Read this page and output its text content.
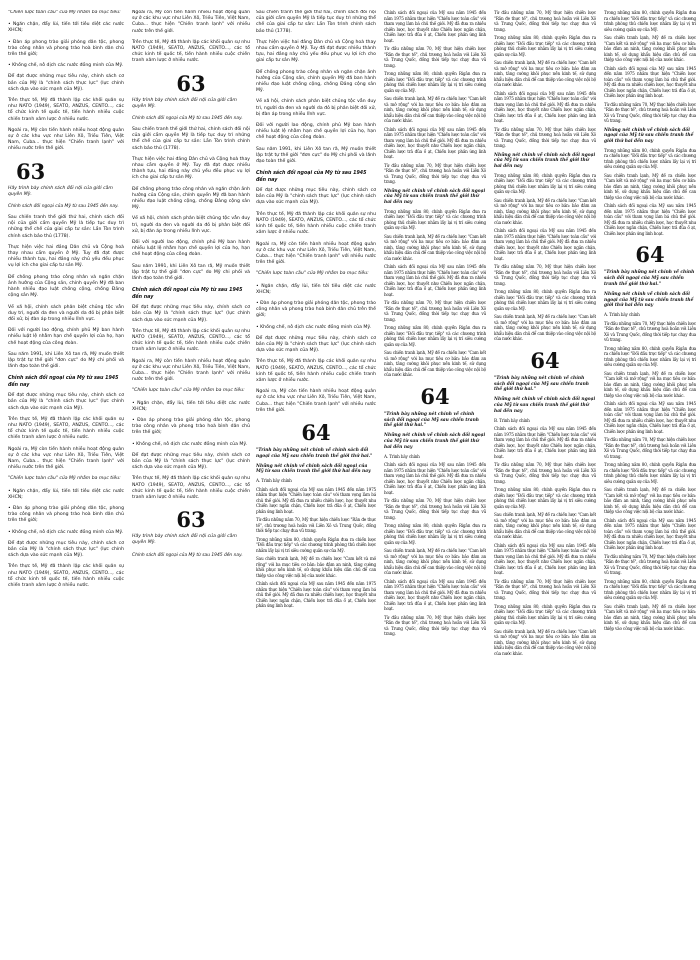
"Chiến lược toàn cầu" của Mỹ nhằm ba mục tiêu:

• Ngăn chặn, đẩy lùi, tiến tới tiêu diệt các nước XHCN;

• Đàn áp phong trào giải phóng dân tộc, phong trào công nhân và phong trào hoà bình dân chủ trên thế giới;

• Khống chế, nô dịch các nước đồng minh của Mỹ.

Để đạt được những mục tiêu này, chính sách cơ bản của Mỹ là "chính sách thực lực" (lực chính sách dựa vào sức mạnh của Mỹ).

Trên thực tế, Mỹ đã thành lập các khối quân sự như NATO (1949), SEATO, ANZUS, CENTO..., các tổ chức kinh tế quốc tế, tiến hành nhiều cuộc chiến tranh xâm lược ở nhiều nước.

Ngoài ra, Mỹ còn tiến hành nhiều hoạt động quân sự ở các khu vực như Liên Xô, Triều Tiên, Việt Nam, Cuba... thực hiện "Chiến tranh lạnh" với nhiều nước trên thế giới.

63

Hãy trình bày chính sách đối nội của giới cầm quyền Mỹ.

Chính sách đối ngoại của Mỹ từ sau 1945 đến nay.

Sau chiến tranh thế giới thứ hai, chính sách đối nội của giới cầm quyền Mỹ là tiếp tục duy trì những thể chế của giai cấp tư sản: Lần Tòn trình chính sách bảo thủ (1778).

Thực hiện việc hai đảng Dân chủ và Cộng hoà thay nhau cầm quyền ở Mỹ. Tuy đã đạt được nhiều thành tựu, hai đảng này chủ yếu đều phục vụ lợi ích cho giai cấp tư sản Mỹ.

Để chống phong trào công nhân và ngăn chặn ảnh hưởng của Cộng sản, chính quyền Mỹ đã ban hành nhiều đạo luật chống cộng, chống Đảng cộng sản Mỹ.

Về xã hội, chính sách phân biệt chủng tộc vẫn duy trì, người da đen và người da đỏ bị phân biệt đối xử, bị đàn áp trong nhiều lĩnh vực.

Đối với người lao động, chính phủ Mỹ ban hành nhiều luật lệ nhằm hạn chế quyền lợi của họ, hạn chế hoạt động của công đoàn.

Sau năm 1991, khi Liên Xô tan rã, Mỹ muốn thiết lập trật tự thế giới "đơn cực" do Mỹ chi phối và lãnh đạo toàn thế giới.

Chính sách đối ngoại của Mỹ từ sau 1945 đến nay

Để đạt được những mục tiêu này, chính sách cơ bản của Mỹ là "chính sách thực lực" (lực chính sách dựa vào sức mạnh của Mỹ).

Trên thực tế, Mỹ đã thành lập các khối quân sự như NATO (1949), SEATO, ANZUS, CENTO..., các tổ chức kinh tế quốc tế, tiến hành nhiều cuộc chiến tranh xâm lược ở nhiều nước.

Ngoài ra, Mỹ còn tiến hành nhiều hoạt động quân sự ở các khu vực như Liên Xô, Triều Tiên, Việt Nam, Cuba... thực hiện "Chiến tranh lạnh" với nhiều nước trên thế giới.

"Chiến lược toàn cầu" của Mỹ nhằm ba mục tiêu:

• Ngăn chặn, đẩy lùi, tiến tới tiêu diệt các nước XHCN;

• Đàn áp phong trào giải phóng dân tộc, phong trào công nhân và phong trào hoà bình dân chủ trên thế giới;

• Khống chế, nô dịch các nước đồng minh của Mỹ.

Để đạt được những mục tiêu này, chính sách cơ bản của Mỹ là "chính sách thực lực" (lực chính sách dựa vào sức mạnh của Mỹ).

Trên thực tế, Mỹ đã thành lập các khối quân sự như NATO (1949), SEATO, ANZUS, CENTO..., các tổ chức kinh tế quốc tế, tiến hành nhiều cuộc chiến tranh xâm lược ở nhiều nước.

Ngoài ra, Mỹ còn tiến hành nhiều hoạt động quân sự ở các khu vực như Liên Xô, Triều Tiên, Việt Nam, Cuba... thực hiện "Chiến tranh lạnh" với nhiều nước trên thế giới.

Trên thực tế, Mỹ đã thành lập các khối quân sự như NATO (1949), SEATO, ANZUS, CENTO..., các tổ chức kinh tế quốc tế, tiến hành nhiều cuộc chiến tranh xâm lược ở nhiều nước.

63

Hãy trình bày chính sách đối nội của giới cầm quyền Mỹ.

Chính sách đối ngoại của Mỹ từ sau 1945 đến nay.

Sau chiến tranh thế giới thứ hai, chính sách đối nội của giới cầm quyền Mỹ là tiếp tục duy trì những thể chế của giai cấp tư sản: Lần Tòn trình chính sách bảo thủ (1778).

Thực hiện việc hai đảng Dân chủ và Cộng hoà thay nhau cầm quyền ở Mỹ. Tuy đã đạt được nhiều thành tựu, hai đảng này chủ yếu đều phục vụ lợi ích cho giai cấp tư sản Mỹ.

Để chống phong trào công nhân và ngăn chặn ảnh hưởng của Cộng sản, chính quyền Mỹ đã ban hành nhiều đạo luật chống cộng, chống Đảng cộng sản Mỹ.

Về xã hội, chính sách phân biệt chủng tộc vẫn duy trì, người da đen và người da đỏ bị phân biệt đối xử, bị đàn áp trong nhiều lĩnh vực.

Đối với người lao động, chính phủ Mỹ ban hành nhiều luật lệ nhằm hạn chế quyền lợi của họ, hạn chế hoạt động của công đoàn.

Sau năm 1991, khi Liên Xô tan rã, Mỹ muốn thiết lập trật tự thế giới "đơn cực" do Mỹ chi phối và lãnh đạo toàn thế giới.

Chính sách đối ngoại của Mỹ từ sau 1945 đến nay

Để đạt được những mục tiêu này, chính sách cơ bản của Mỹ là "chính sách thực lực" (lực chính sách dựa vào sức mạnh của Mỹ).

Trên thực tế, Mỹ đã thành lập các khối quân sự như NATO (1949), SEATO, ANZUS, CENTO..., các tổ chức kinh tế quốc tế, tiến hành nhiều cuộc chiến tranh xâm lược ở nhiều nước.

Ngoài ra, Mỹ còn tiến hành nhiều hoạt động quân sự ở các khu vực như Liên Xô, Triều Tiên, Việt Nam, Cuba... thực hiện "Chiến tranh lạnh" với nhiều nước trên thế giới.

"Chiến lược toàn cầu" của Mỹ nhằm ba mục tiêu:

• Ngăn chặn, đẩy lùi, tiến tới tiêu diệt các nước XHCN;

• Đàn áp phong trào giải phóng dân tộc, phong trào công nhân và phong trào hoà bình dân chủ trên thế giới;

• Khống chế, nô dịch các nước đồng minh của Mỹ.

Để đạt được những mục tiêu này, chính sách cơ bản của Mỹ là "chính sách thực lực" (lực chính sách dựa vào sức mạnh của Mỹ).

Trên thực tế, Mỹ đã thành lập các khối quân sự như NATO (1949), SEATO, ANZUS, CENTO..., các tổ chức kinh tế quốc tế, tiến hành nhiều cuộc chiến tranh xâm lược ở nhiều nước.

63

Hãy trình bày chính sách đối nội của giới cầm quyền Mỹ.

Chính sách đối ngoại của Mỹ từ sau 1945 đến nay.

Sau chiến tranh thế giới thứ hai, chính sách đối nội của giới cầm quyền Mỹ là tiếp tục duy trì những thể chế của giai cấp tư sản: Lần Tòn trình chính sách bảo thủ (1778).

Thực hiện việc hai đảng Dân chủ và Cộng hoà thay nhau cầm quyền ở Mỹ. Tuy đã đạt được nhiều thành tựu, hai đảng này chủ yếu đều phục vụ lợi ích cho giai cấp tư sản Mỹ.

Để chống phong trào công nhân và ngăn chặn ảnh hưởng của Cộng sản, chính quyền Mỹ đã ban hành nhiều đạo luật chống cộng, chống Đảng cộng sản Mỹ.

Về xã hội, chính sách phân biệt chủng tộc vẫn duy trì, người da đen và người da đỏ bị phân biệt đối xử, bị đàn áp trong nhiều lĩnh vực.

Đối với người lao động, chính phủ Mỹ ban hành nhiều luật lệ nhằm hạn chế quyền lợi của họ, hạn chế hoạt động của công đoàn.

Sau năm 1991, khi Liên Xô tan rã, Mỹ muốn thiết lập trật tự thế giới "đơn cực" do Mỹ chi phối và lãnh đạo toàn thế giới.

Chính sách đối ngoại của Mỹ từ sau 1945 đến nay

Để đạt được những mục tiêu này, chính sách cơ bản của Mỹ là "chính sách thực lực" (lực chính sách dựa vào sức mạnh của Mỹ).

Trên thực tế, Mỹ đã thành lập các khối quân sự như NATO (1949), SEATO, ANZUS, CENTO..., các tổ chức kinh tế quốc tế, tiến hành nhiều cuộc chiến tranh xâm lược ở nhiều nước.

Ngoài ra, Mỹ còn tiến hành nhiều hoạt động quân sự ở các khu vực như Liên Xô, Triều Tiên, Việt Nam, Cuba... thực hiện "Chiến tranh lạnh" với nhiều nước trên thế giới.

"Chiến lược toàn cầu" của Mỹ nhằm ba mục tiêu:

• Ngăn chặn, đẩy lùi, tiến tới tiêu diệt các nước XHCN;

• Đàn áp phong trào giải phóng dân tộc, phong trào công nhân và phong trào hoà bình dân chủ trên thế giới;

• Khống chế, nô dịch các nước đồng minh của Mỹ.

Để đạt được những mục tiêu này, chính sách cơ bản của Mỹ là "chính sách thực lực" (lực chính sách dựa vào sức mạnh của Mỹ).

Trên thực tế, Mỹ đã thành lập các khối quân sự như NATO (1949), SEATO, ANZUS, CENTO..., các tổ chức kinh tế quốc tế, tiến hành nhiều cuộc chiến tranh xâm lược ở nhiều nước.

Ngoài ra, Mỹ còn tiến hành nhiều hoạt động quân sự ở các khu vực như Liên Xô, Triều Tiên, Việt Nam, Cuba... thực hiện "Chiến tranh lạnh" với nhiều nước trên thế giới.

64

"Trình bày những nét chính về chính sách đối ngoại của Mỹ sau chiến tranh thế giới thứ hai."

Những nét chính về chính sách đối ngoại của Mỹ từ sau chiến tranh thế giới thứ hai đến nay

A. Trình bày chính

Chính sách đối ngoại của Mỹ sau năm 1945 đến năm 1975 nhằm thực hiện "Chiến lược toàn cầu" với tham vọng làm bá chủ thế giới. Mỹ đã đưa ra nhiều chiến lược, học thuyết như Chiến lược ngăn chặn, Chiến lược trả đũa ồ ạt, Chiến lược phản ứng linh hoạt.

Từ đầu những năm 70, Mỹ thực hiện chiến lược "Răn đe thực tế", chủ trương hoà hoãn với Liên Xô và Trung Quốc, đồng thời tiếp tục chạy đua vũ trang.

Trong những năm 80, chính quyền Rigân đưa ra chiến lược "Đối đầu trực tiếp" và các chương trình phòng thủ chiến lược nhằm lấy lại vị trí siêu cường quân sự của Mỹ.

Sau chiến tranh lạnh, Mỹ đề ra chiến lược "Cam kết và mở rộng" với ba mục tiêu cơ bản: bảo đảm an ninh, tăng cường khôi phục nền kinh tế, sử dụng khẩu hiệu dân chủ để can thiệp vào công việc nội bộ của nước khác.

Chính sách đối ngoại của Mỹ sau năm 1945 đến năm 1975 nhằm thực hiện "Chiến lược toàn cầu" với tham vọng làm bá chủ thế giới. Mỹ đã đưa ra nhiều chiến lược, học thuyết như Chiến lược ngăn chặn, Chiến lược trả đũa ồ ạt, Chiến lược phản ứng linh hoạt.

Chính sách đối ngoại của Mỹ sau năm 1945 đến năm 1975 nhằm thực hiện "Chiến lược toàn cầu" với tham vọng làm bá chủ thế giới. Mỹ đã đưa ra nhiều chiến lược, học thuyết như Chiến lược ngăn chặn, Chiến lược trả đũa ồ ạt, Chiến lược phản ứng linh hoạt.

Từ đầu những năm 70, Mỹ thực hiện chiến lược "Răn đe thực tế", chủ trương hoà hoãn với Liên Xô và Trung Quốc, đồng thời tiếp tục chạy đua vũ trang.

Trong những năm 80, chính quyền Rigân đưa ra chiến lược "Đối đầu trực tiếp" và các chương trình phòng thủ chiến lược nhằm lấy lại vị trí siêu cường quân sự của Mỹ.

Sau chiến tranh lạnh, Mỹ đề ra chiến lược "Cam kết và mở rộng" với ba mục tiêu cơ bản: bảo đảm an ninh, tăng cường khôi phục nền kinh tế, sử dụng khẩu hiệu dân chủ để can thiệp vào công việc nội bộ của nước khác.

Chính sách đối ngoại của Mỹ sau năm 1945 đến năm 1975 nhằm thực hiện "Chiến lược toàn cầu" với tham vọng làm bá chủ thế giới. Mỹ đã đưa ra nhiều chiến lược, học thuyết như Chiến lược ngăn chặn, Chiến lược trả đũa ồ ạt, Chiến lược phản ứng linh hoạt.

Từ đầu những năm 70, Mỹ thực hiện chiến lược "Răn đe thực tế", chủ trương hoà hoãn với Liên Xô và Trung Quốc, đồng thời tiếp tục chạy đua vũ trang.

Những nét chính về chính sách đối ngoại của Mỹ từ sau chiến tranh thế giới thứ hai đến nay

Trong những năm 80, chính quyền Rigân đưa ra chiến lược "Đối đầu trực tiếp" và các chương trình phòng thủ chiến lược nhằm lấy lại vị trí siêu cường quân sự của Mỹ.

Sau chiến tranh lạnh, Mỹ đề ra chiến lược "Cam kết và mở rộng" với ba mục tiêu cơ bản: bảo đảm an ninh, tăng cường khôi phục nền kinh tế, sử dụng khẩu hiệu dân chủ để can thiệp vào công việc nội bộ của nước khác.

Chính sách đối ngoại của Mỹ sau năm 1945 đến năm 1975 nhằm thực hiện "Chiến lược toàn cầu" với tham vọng làm bá chủ thế giới. Mỹ đã đưa ra nhiều chiến lược, học thuyết như Chiến lược ngăn chặn, Chiến lược trả đũa ồ ạt, Chiến lược phản ứng linh hoạt.

Từ đầu những năm 70, Mỹ thực hiện chiến lược "Răn đe thực tế", chủ trương hoà hoãn với Liên Xô và Trung Quốc, đồng thời tiếp tục chạy đua vũ trang.

Trong những năm 80, chính quyền Rigân đưa ra chiến lược "Đối đầu trực tiếp" và các chương trình phòng thủ chiến lược nhằm lấy lại vị trí siêu cường quân sự của Mỹ.

Sau chiến tranh lạnh, Mỹ đề ra chiến lược "Cam kết và mở rộng" với ba mục tiêu cơ bản: bảo đảm an ninh, tăng cường khôi phục nền kinh tế, sử dụng khẩu hiệu dân chủ để can thiệp vào công việc nội bộ của nước khác.

64

"Trình bày những nét chính về chính sách đối ngoại của Mỹ sau chiến tranh thế giới thứ hai."

Những nét chính về chính sách đối ngoại của Mỹ từ sau chiến tranh thế giới thứ hai đến nay

A. Trình bày chính

Chính sách đối ngoại của Mỹ sau năm 1945 đến năm 1975 nhằm thực hiện "Chiến lược toàn cầu" với tham vọng làm bá chủ thế giới. Mỹ đã đưa ra nhiều chiến lược, học thuyết như Chiến lược ngăn chặn, Chiến lược trả đũa ồ ạt, Chiến lược phản ứng linh hoạt.

Từ đầu những năm 70, Mỹ thực hiện chiến lược "Răn đe thực tế", chủ trương hoà hoãn với Liên Xô và Trung Quốc, đồng thời tiếp tục chạy đua vũ trang.

Trong những năm 80, chính quyền Rigân đưa ra chiến lược "Đối đầu trực tiếp" và các chương trình phòng thủ chiến lược nhằm lấy lại vị trí siêu cường quân sự của Mỹ.

Sau chiến tranh lạnh, Mỹ đề ra chiến lược "Cam kết và mở rộng" với ba mục tiêu cơ bản: bảo đảm an ninh, tăng cường khôi phục nền kinh tế, sử dụng khẩu hiệu dân chủ để can thiệp vào công việc nội bộ của nước khác.

Chính sách đối ngoại của Mỹ sau năm 1945 đến năm 1975 nhằm thực hiện "Chiến lược toàn cầu" với tham vọng làm bá chủ thế giới. Mỹ đã đưa ra nhiều chiến lược, học thuyết như Chiến lược ngăn chặn, Chiến lược trả đũa ồ ạt, Chiến lược phản ứng linh hoạt.

Từ đầu những năm 70, Mỹ thực hiện chiến lược "Răn đe thực tế", chủ trương hoà hoãn với Liên Xô và Trung Quốc, đồng thời tiếp tục chạy đua vũ trang.

Từ đầu những năm 70, Mỹ thực hiện chiến lược "Răn đe thực tế", chủ trương hoà hoãn với Liên Xô và Trung Quốc, đồng thời tiếp tục chạy đua vũ trang.

Trong những năm 80, chính quyền Rigân đưa ra chiến lược "Đối đầu trực tiếp" và các chương trình phòng thủ chiến lược nhằm lấy lại vị trí siêu cường quân sự của Mỹ.

Sau chiến tranh lạnh, Mỹ đề ra chiến lược "Cam kết và mở rộng" với ba mục tiêu cơ bản: bảo đảm an ninh, tăng cường khôi phục nền kinh tế, sử dụng khẩu hiệu dân chủ để can thiệp vào công việc nội bộ của nước khác.

Chính sách đối ngoại của Mỹ sau năm 1945 đến năm 1975 nhằm thực hiện "Chiến lược toàn cầu" với tham vọng làm bá chủ thế giới. Mỹ đã đưa ra nhiều chiến lược, học thuyết như Chiến lược ngăn chặn, Chiến lược trả đũa ồ ạt, Chiến lược phản ứng linh hoạt.

Từ đầu những năm 70, Mỹ thực hiện chiến lược "Răn đe thực tế", chủ trương hoà hoãn với Liên Xô và Trung Quốc, đồng thời tiếp tục chạy đua vũ trang.

Những nét chính về chính sách đối ngoại của Mỹ từ sau chiến tranh thế giới thứ hai đến nay

Trong những năm 80, chính quyền Rigân đưa ra chiến lược "Đối đầu trực tiếp" và các chương trình phòng thủ chiến lược nhằm lấy lại vị trí siêu cường quân sự của Mỹ.

Sau chiến tranh lạnh, Mỹ đề ra chiến lược "Cam kết và mở rộng" với ba mục tiêu cơ bản: bảo đảm an ninh, tăng cường khôi phục nền kinh tế, sử dụng khẩu hiệu dân chủ để can thiệp vào công việc nội bộ của nước khác.

Chính sách đối ngoại của Mỹ sau năm 1945 đến năm 1975 nhằm thực hiện "Chiến lược toàn cầu" với tham vọng làm bá chủ thế giới. Mỹ đã đưa ra nhiều chiến lược, học thuyết như Chiến lược ngăn chặn, Chiến lược trả đũa ồ ạt, Chiến lược phản ứng linh hoạt.

Từ đầu những năm 70, Mỹ thực hiện chiến lược "Răn đe thực tế", chủ trương hoà hoãn với Liên Xô và Trung Quốc, đồng thời tiếp tục chạy đua vũ trang.

Trong những năm 80, chính quyền Rigân đưa ra chiến lược "Đối đầu trực tiếp" và các chương trình phòng thủ chiến lược nhằm lấy lại vị trí siêu cường quân sự của Mỹ.

Sau chiến tranh lạnh, Mỹ đề ra chiến lược "Cam kết và mở rộng" với ba mục tiêu cơ bản: bảo đảm an ninh, tăng cường khôi phục nền kinh tế, sử dụng khẩu hiệu dân chủ để can thiệp vào công việc nội bộ của nước khác.

64

"Trình bày những nét chính về chính sách đối ngoại của Mỹ sau chiến tranh thế giới thứ hai."

Những nét chính về chính sách đối ngoại của Mỹ từ sau chiến tranh thế giới thứ hai đến nay

B. Trình bày chính

Chính sách đối ngoại của Mỹ sau năm 1945 đến năm 1975 nhằm thực hiện "Chiến lược toàn cầu" với tham vọng làm bá chủ thế giới. Mỹ đã đưa ra nhiều chiến lược, học thuyết như Chiến lược ngăn chặn, Chiến lược trả đũa ồ ạt, Chiến lược phản ứng linh hoạt.

Từ đầu những năm 70, Mỹ thực hiện chiến lược "Răn đe thực tế", chủ trương hoà hoãn với Liên Xô và Trung Quốc, đồng thời tiếp tục chạy đua vũ trang.

Trong những năm 80, chính quyền Rigân đưa ra chiến lược "Đối đầu trực tiếp" và các chương trình phòng thủ chiến lược nhằm lấy lại vị trí siêu cường quân sự của Mỹ.

Sau chiến tranh lạnh, Mỹ đề ra chiến lược "Cam kết và mở rộng" với ba mục tiêu cơ bản: bảo đảm an ninh, tăng cường khôi phục nền kinh tế, sử dụng khẩu hiệu dân chủ để can thiệp vào công việc nội bộ của nước khác.

Chính sách đối ngoại của Mỹ sau năm 1945 đến năm 1975 nhằm thực hiện "Chiến lược toàn cầu" với tham vọng làm bá chủ thế giới. Mỹ đã đưa ra nhiều chiến lược, học thuyết như Chiến lược ngăn chặn, Chiến lược trả đũa ồ ạt, Chiến lược phản ứng linh hoạt.

Từ đầu những năm 70, Mỹ thực hiện chiến lược "Răn đe thực tế", chủ trương hoà hoãn với Liên Xô và Trung Quốc, đồng thời tiếp tục chạy đua vũ trang.

Trong những năm 80, chính quyền Rigân đưa ra chiến lược "Đối đầu trực tiếp" và các chương trình phòng thủ chiến lược nhằm lấy lại vị trí siêu cường quân sự của Mỹ.

Sau chiến tranh lạnh, Mỹ đề ra chiến lược "Cam kết và mở rộng" với ba mục tiêu cơ bản: bảo đảm an ninh, tăng cường khôi phục nền kinh tế, sử dụng khẩu hiệu dân chủ để can thiệp vào công việc nội bộ của nước khác.

Trong những năm 80, chính quyền Rigân đưa ra chiến lược "Đối đầu trực tiếp" và các chương trình phòng thủ chiến lược nhằm lấy lại vị trí siêu cường quân sự của Mỹ.

Sau chiến tranh lạnh, Mỹ đề ra chiến lược "Cam kết và mở rộng" với ba mục tiêu cơ bản: bảo đảm an ninh, tăng cường khôi phục nền kinh tế, sử dụng khẩu hiệu dân chủ để can thiệp vào công việc nội bộ của nước khác.

Chính sách đối ngoại của Mỹ sau năm 1945 đến năm 1975 nhằm thực hiện "Chiến lược toàn cầu" với tham vọng làm bá chủ thế giới. Mỹ đã đưa ra nhiều chiến lược, học thuyết như Chiến lược ngăn chặn, Chiến lược trả đũa ồ ạt, Chiến lược phản ứng linh hoạt.

Từ đầu những năm 70, Mỹ thực hiện chiến lược "Răn đe thực tế", chủ trương hoà hoãn với Liên Xô và Trung Quốc, đồng thời tiếp tục chạy đua vũ trang.

Những nét chính về chính sách đối ngoại của Mỹ từ sau chiến tranh thế giới thứ hai đến nay

Trong những năm 80, chính quyền Rigân đưa ra chiến lược "Đối đầu trực tiếp" và các chương trình phòng thủ chiến lược nhằm lấy lại vị trí siêu cường quân sự của Mỹ.

Sau chiến tranh lạnh, Mỹ đề ra chiến lược "Cam kết và mở rộng" với ba mục tiêu cơ bản: bảo đảm an ninh, tăng cường khôi phục nền kinh tế, sử dụng khẩu hiệu dân chủ để can thiệp vào công việc nội bộ của nước khác.

Chính sách đối ngoại của Mỹ sau năm 1945 đến năm 1975 nhằm thực hiện "Chiến lược toàn cầu" với tham vọng làm bá chủ thế giới. Mỹ đã đưa ra nhiều chiến lược, học thuyết như Chiến lược ngăn chặn, Chiến lược trả đũa ồ ạt, Chiến lược phản ứng linh hoạt.

64

"Trình bày những nét chính về chính sách đối ngoại của Mỹ sau chiến tranh thế giới thứ hai."

Những nét chính về chính sách đối ngoại của Mỹ từ sau chiến tranh thế giới thứ hai đến nay

A. Trình bày chính

Từ đầu những năm 70, Mỹ thực hiện chiến lược "Răn đe thực tế", chủ trương hoà hoãn với Liên Xô và Trung Quốc, đồng thời tiếp tục chạy đua vũ trang.

Trong những năm 80, chính quyền Rigân đưa ra chiến lược "Đối đầu trực tiếp" và các chương trình phòng thủ chiến lược nhằm lấy lại vị trí siêu cường quân sự của Mỹ.

Sau chiến tranh lạnh, Mỹ đề ra chiến lược "Cam kết và mở rộng" với ba mục tiêu cơ bản: bảo đảm an ninh, tăng cường khôi phục nền kinh tế, sử dụng khẩu hiệu dân chủ để can thiệp vào công việc nội bộ của nước khác.

Chính sách đối ngoại của Mỹ sau năm 1945 đến năm 1975 nhằm thực hiện "Chiến lược toàn cầu" với tham vọng làm bá chủ thế giới. Mỹ đã đưa ra nhiều chiến lược, học thuyết như Chiến lược ngăn chặn, Chiến lược trả đũa ồ ạt, Chiến lược phản ứng linh hoạt.

Từ đầu những năm 70, Mỹ thực hiện chiến lược "Răn đe thực tế", chủ trương hoà hoãn với Liên Xô và Trung Quốc, đồng thời tiếp tục chạy đua vũ trang.

Trong những năm 80, chính quyền Rigân đưa ra chiến lược "Đối đầu trực tiếp" và các chương trình phòng thủ chiến lược nhằm lấy lại vị trí siêu cường quân sự của Mỹ.

Sau chiến tranh lạnh, Mỹ đề ra chiến lược "Cam kết và mở rộng" với ba mục tiêu cơ bản: bảo đảm an ninh, tăng cường khôi phục nền kinh tế, sử dụng khẩu hiệu dân chủ để can thiệp vào công việc nội bộ của nước khác.

Chính sách đối ngoại của Mỹ sau năm 1945 đến năm 1975 nhằm thực hiện "Chiến lược toàn cầu" với tham vọng làm bá chủ thế giới. Mỹ đã đưa ra nhiều chiến lược, học thuyết như Chiến lược ngăn chặn, Chiến lược trả đũa ồ ạt, Chiến lược phản ứng linh hoạt.

Từ đầu những năm 70, Mỹ thực hiện chiến lược "Răn đe thực tế", chủ trương hoà hoãn với Liên Xô và Trung Quốc, đồng thời tiếp tục chạy đua vũ trang.

Trong những năm 80, chính quyền Rigân đưa ra chiến lược "Đối đầu trực tiếp" và các chương trình phòng thủ chiến lược nhằm lấy lại vị trí siêu cường quân sự của Mỹ.

Sau chiến tranh lạnh, Mỹ đề ra chiến lược "Cam kết và mở rộng" với ba mục tiêu cơ bản: bảo đảm an ninh, tăng cường khôi phục nền kinh tế, sử dụng khẩu hiệu dân chủ để can thiệp vào công việc nội bộ của nước khác.
